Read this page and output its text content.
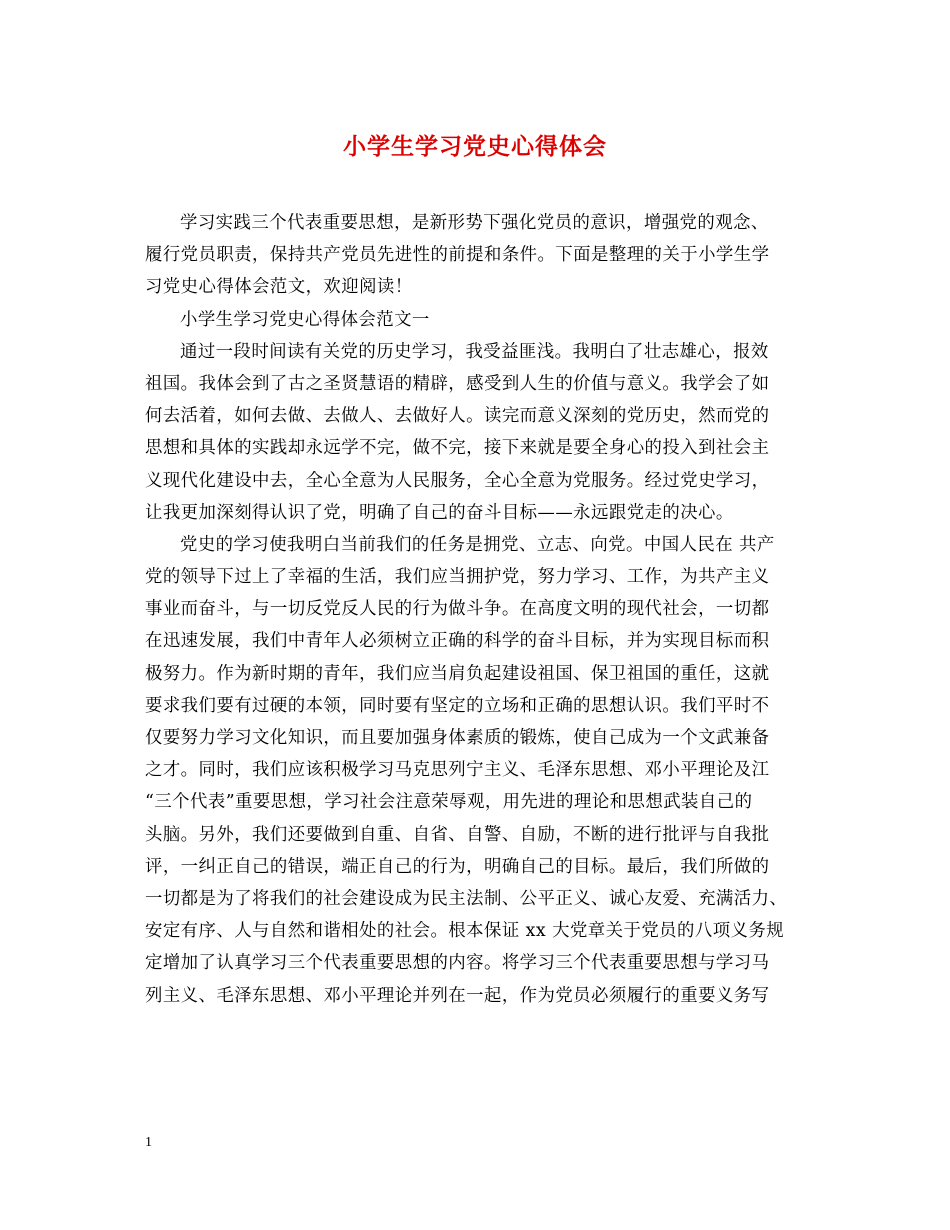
小学生学习党史心得体会
学习实践三个代表重要思想，是新形势下强化党员的意识，增强党的观念、
履行党员职责，保持共产党员先进性的前提和条件。下面是整理的关于小学生学
习党史心得体会范文，欢迎阅读！
小学生学习党史心得体会范文一
通过一段时间读有关党的历史学习，我受益匪浅。我明白了壮志雄心，报效
祖国。我体会到了古之圣贤慧语的精辟，感受到人生的价值与意义。我学会了如
何去活着，如何去做、去做人、去做好人。读完而意义深刻的党历史，然而党的
思想和具体的实践却永远学不完，做不完，接下来就是要全身心的投入到社会主
义现代化建设中去，全心全意为人民服务，全心全意为党服务。经过党史学习，
让我更加深刻得认识了党，明确了自己的奋斗目标——永远跟党走的决心。
党史的学习使我明白当前我们的任务是拥党、立志、向党。中国人民在 共产
党的领导下过上了幸福的生活，我们应当拥护党，努力学习、工作，为共产主义
事业而奋斗，与一切反党反人民的行为做斗争。在高度文明的现代社会，一切都
在迅速发展，我们中青年人必须树立正确的科学的奋斗目标，并为实现目标而积
极努力。作为新时期的青年，我们应当肩负起建设祖国、保卫祖国的重任，这就
要求我们要有过硬的本领，同时要有坚定的立场和正确的思想认识。我们平时不
仅要努力学习文化知识，而且要加强身体素质的锻炼，使自己成为一个文武兼备
之才。同时，我们应该积极学习马克思列宁主义、毛泽东思想、邓小平理论及江
“三个代表”重要思想，学习社会注意荣辱观，用先进的理论和思想武装自己的
头脑。另外，我们还要做到自重、自省、自警、自励，不断的进行批评与自我批
评，一纠正自己的错误，端正自己的行为，明确自己的目标。最后，我们所做的
一切都是为了将我们的社会建设成为民主法制、公平正义、诚心友爱、充满活力、
安定有序、人与自然和谐相处的社会。根本保证 xx 大党章关于党员的八项义务规
定增加了认真学习三个代表重要思想的内容。将学习三个代表重要思想与学习马
列主义、毛泽东思想、邓小平理论并列在一起，作为党员必须履行的重要义务写
1
